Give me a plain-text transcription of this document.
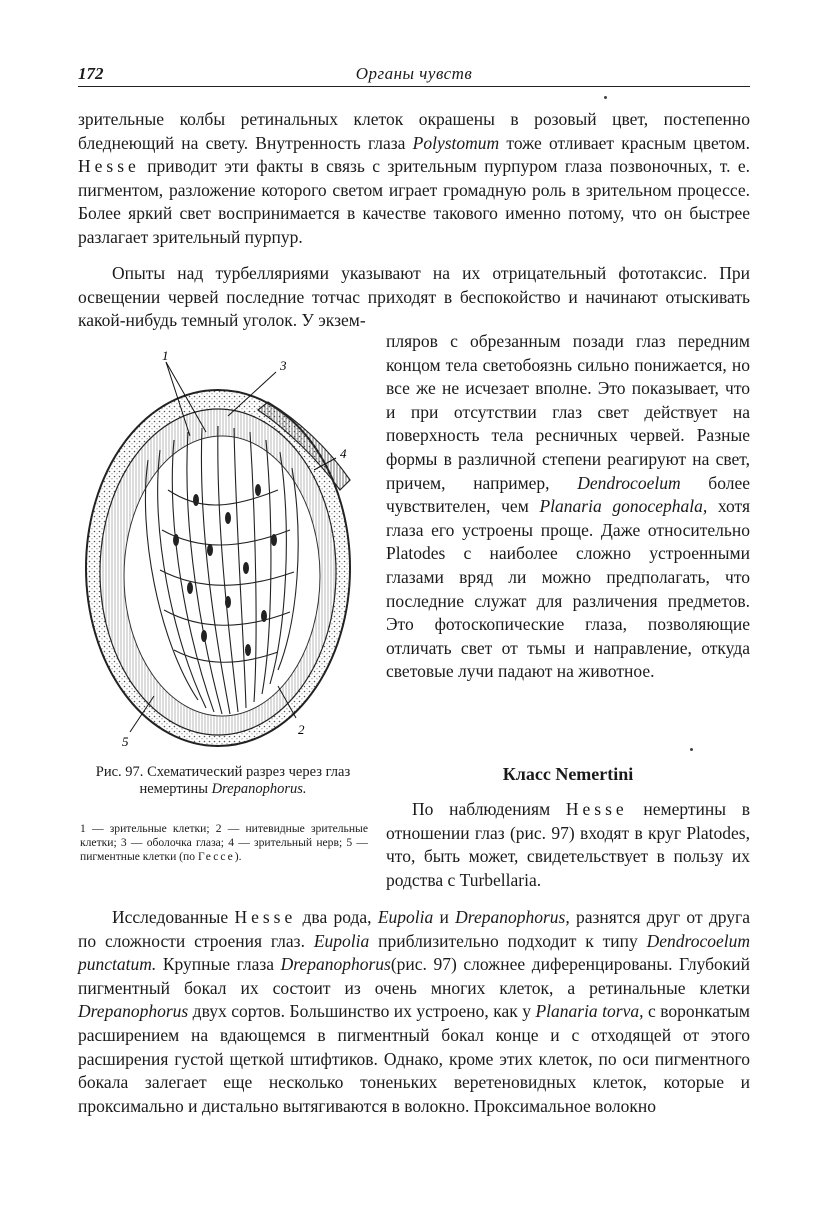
172	Органы чувств

зрительные колбы ретинальных клеток окрашены в розовый цвет, постепенно бледнеющий на свету. Внутренность глаза Polystomum тоже отливает красным цветом. Hesse приводит эти факты в связь с зрительным пурпуром глаза позвоночных, т. е. пигментом, разложение которого светом играет громадную роль в зрительном процессе. Более яркий свет воспринимается в качестве такового именно потому, что он быстрее разлагает зрительный пурпур.

Опыты над турбелляриями указывают на их отрицательный фототаксис. При освещении червей последние тотчас приходят в беспокойство и начинают отыскивать какой-нибудь темный уголок. У экзем-

пляров с обрезанным позади глаз передним концом тела светобоязнь сильно понижается, но все же не исчезает вполне. Это показывает, что и при отсутствии глаз свет действует на поверхность тела ресничных червей. Разные формы в различной степени реагируют на свет, причем, например, Dendrocoelum более чувствителен, чем Planaria gonocephala, хотя глаза его устроены проще. Даже относительно Platodes с наиболее сложно устроенными глазами вряд ли можно предполагать, что последние служат для различения предметов. Это фотоскопические глаза, позволяющие отличать свет от тьмы и направление, откуда световые лучи падают на животное.

1
3
4
2
5

Рис. 97. Схематический разрез через глаз немертины Drepanophorus.

1 — зрительные клетки; 2 — нитевидные зрительные клетки; 3 — оболочка глаза; 4 — зрительный нерв; 5 — пигментные клетки (по Гессе).

Класс Nemertini

По наблюдениям Hesse немертины в отношении глаз (рис. 97) входят в круг Platodes, что, быть может, свидетельствует в пользу их родства с Turbellaria.

Исследованные Hesse два рода, Eupolia и Drepanophorus, разнятся друг от друга по сложности строения глаз. Eupolia приблизительно подходит к типу Dendrocoelum punctatum. Крупные глаза Drepanophorus(рис. 97) сложнее диференцированы. Глубокий пигментный бокал их состоит из очень многих клеток, а ретинальные клетки Drepanophorus двух сортов. Большинство их устроено, как у Planaria torva, с воронкатым расширением на вдающемся в пигментный бокал конце и с отходящей от этого расширения густой щеткой штифтиков. Однако, кроме этих клеток, по оси пигментного бокала залегает еще несколько тоненьких веретеновидных клеток, которые и проксимально и дистально вытягиваются в волокно. Проксимальное волокно
